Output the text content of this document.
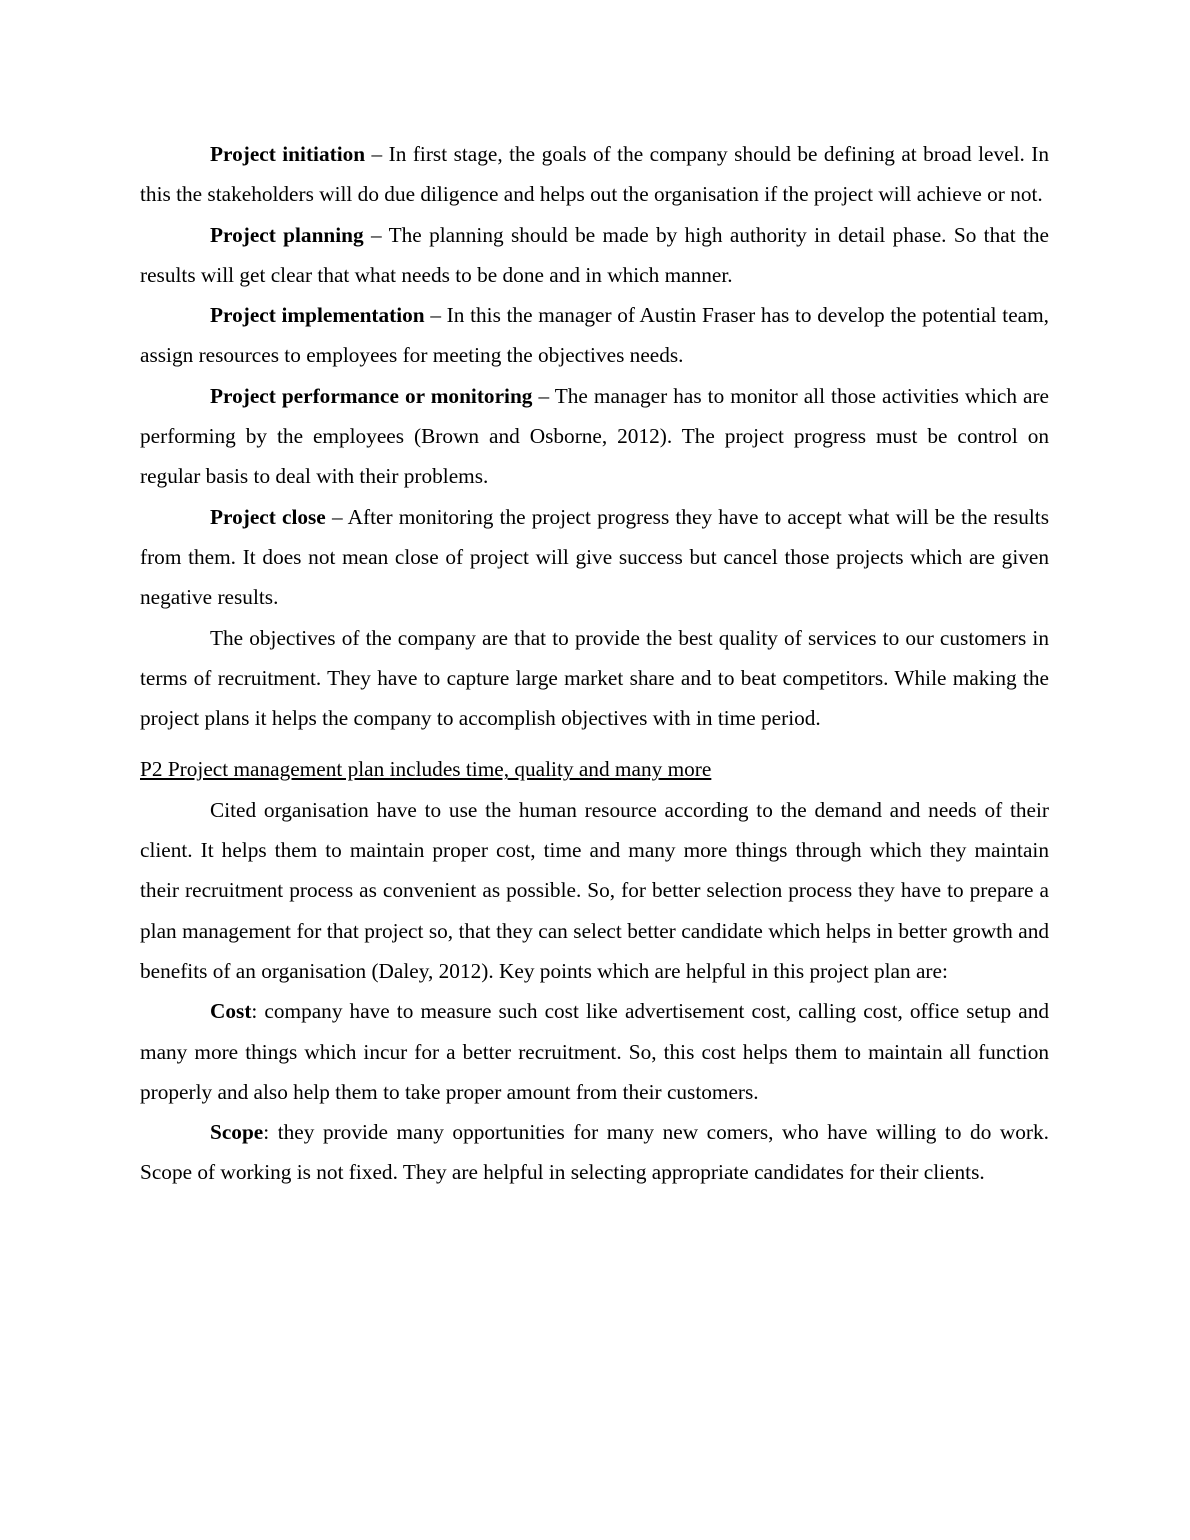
Project initiation – In first stage, the goals of the company should be defining at broad level. In this the stakeholders will do due diligence and helps out the organisation if the project will achieve or not.

Project planning – The planning should be made by high authority in detail phase. So that the results will get clear that what needs to be done and in which manner.

Project implementation – In this the manager of Austin Fraser has to develop the potential team, assign resources to employees for meeting the objectives needs.

Project performance or monitoring – The manager has to monitor all those activities which are performing by the employees (Brown and Osborne, 2012). The project progress must be control on regular basis to deal with their problems.

Project close – After monitoring the project progress they have to accept what will be the results from them. It does not mean close of project will give success but cancel those projects which are given negative results.

The objectives of the company are that to provide the best quality of services to our customers in terms of recruitment. They have to capture large market share and to beat competitors. While making the project plans it helps the company to accomplish objectives with in time period.

P2 Project management plan includes time, quality and many more

Cited organisation have to use the human resource according to the demand and needs of their client. It helps them to maintain proper cost, time and many more things through which they maintain their recruitment process as convenient as possible. So, for better selection process they have to prepare a plan management for that project so, that they can select better candidate which helps in better growth and benefits of an organisation (Daley, 2012). Key points which are helpful in this project plan are:

Cost: company have to measure such cost like advertisement cost, calling cost, office setup and many more things which incur for a better recruitment. So, this cost helps them to maintain all function properly and also help them to take proper amount from their customers.

Scope: they provide many opportunities for many new comers, who have willing to do work. Scope of working is not fixed. They are helpful in selecting appropriate candidates for their clients.
